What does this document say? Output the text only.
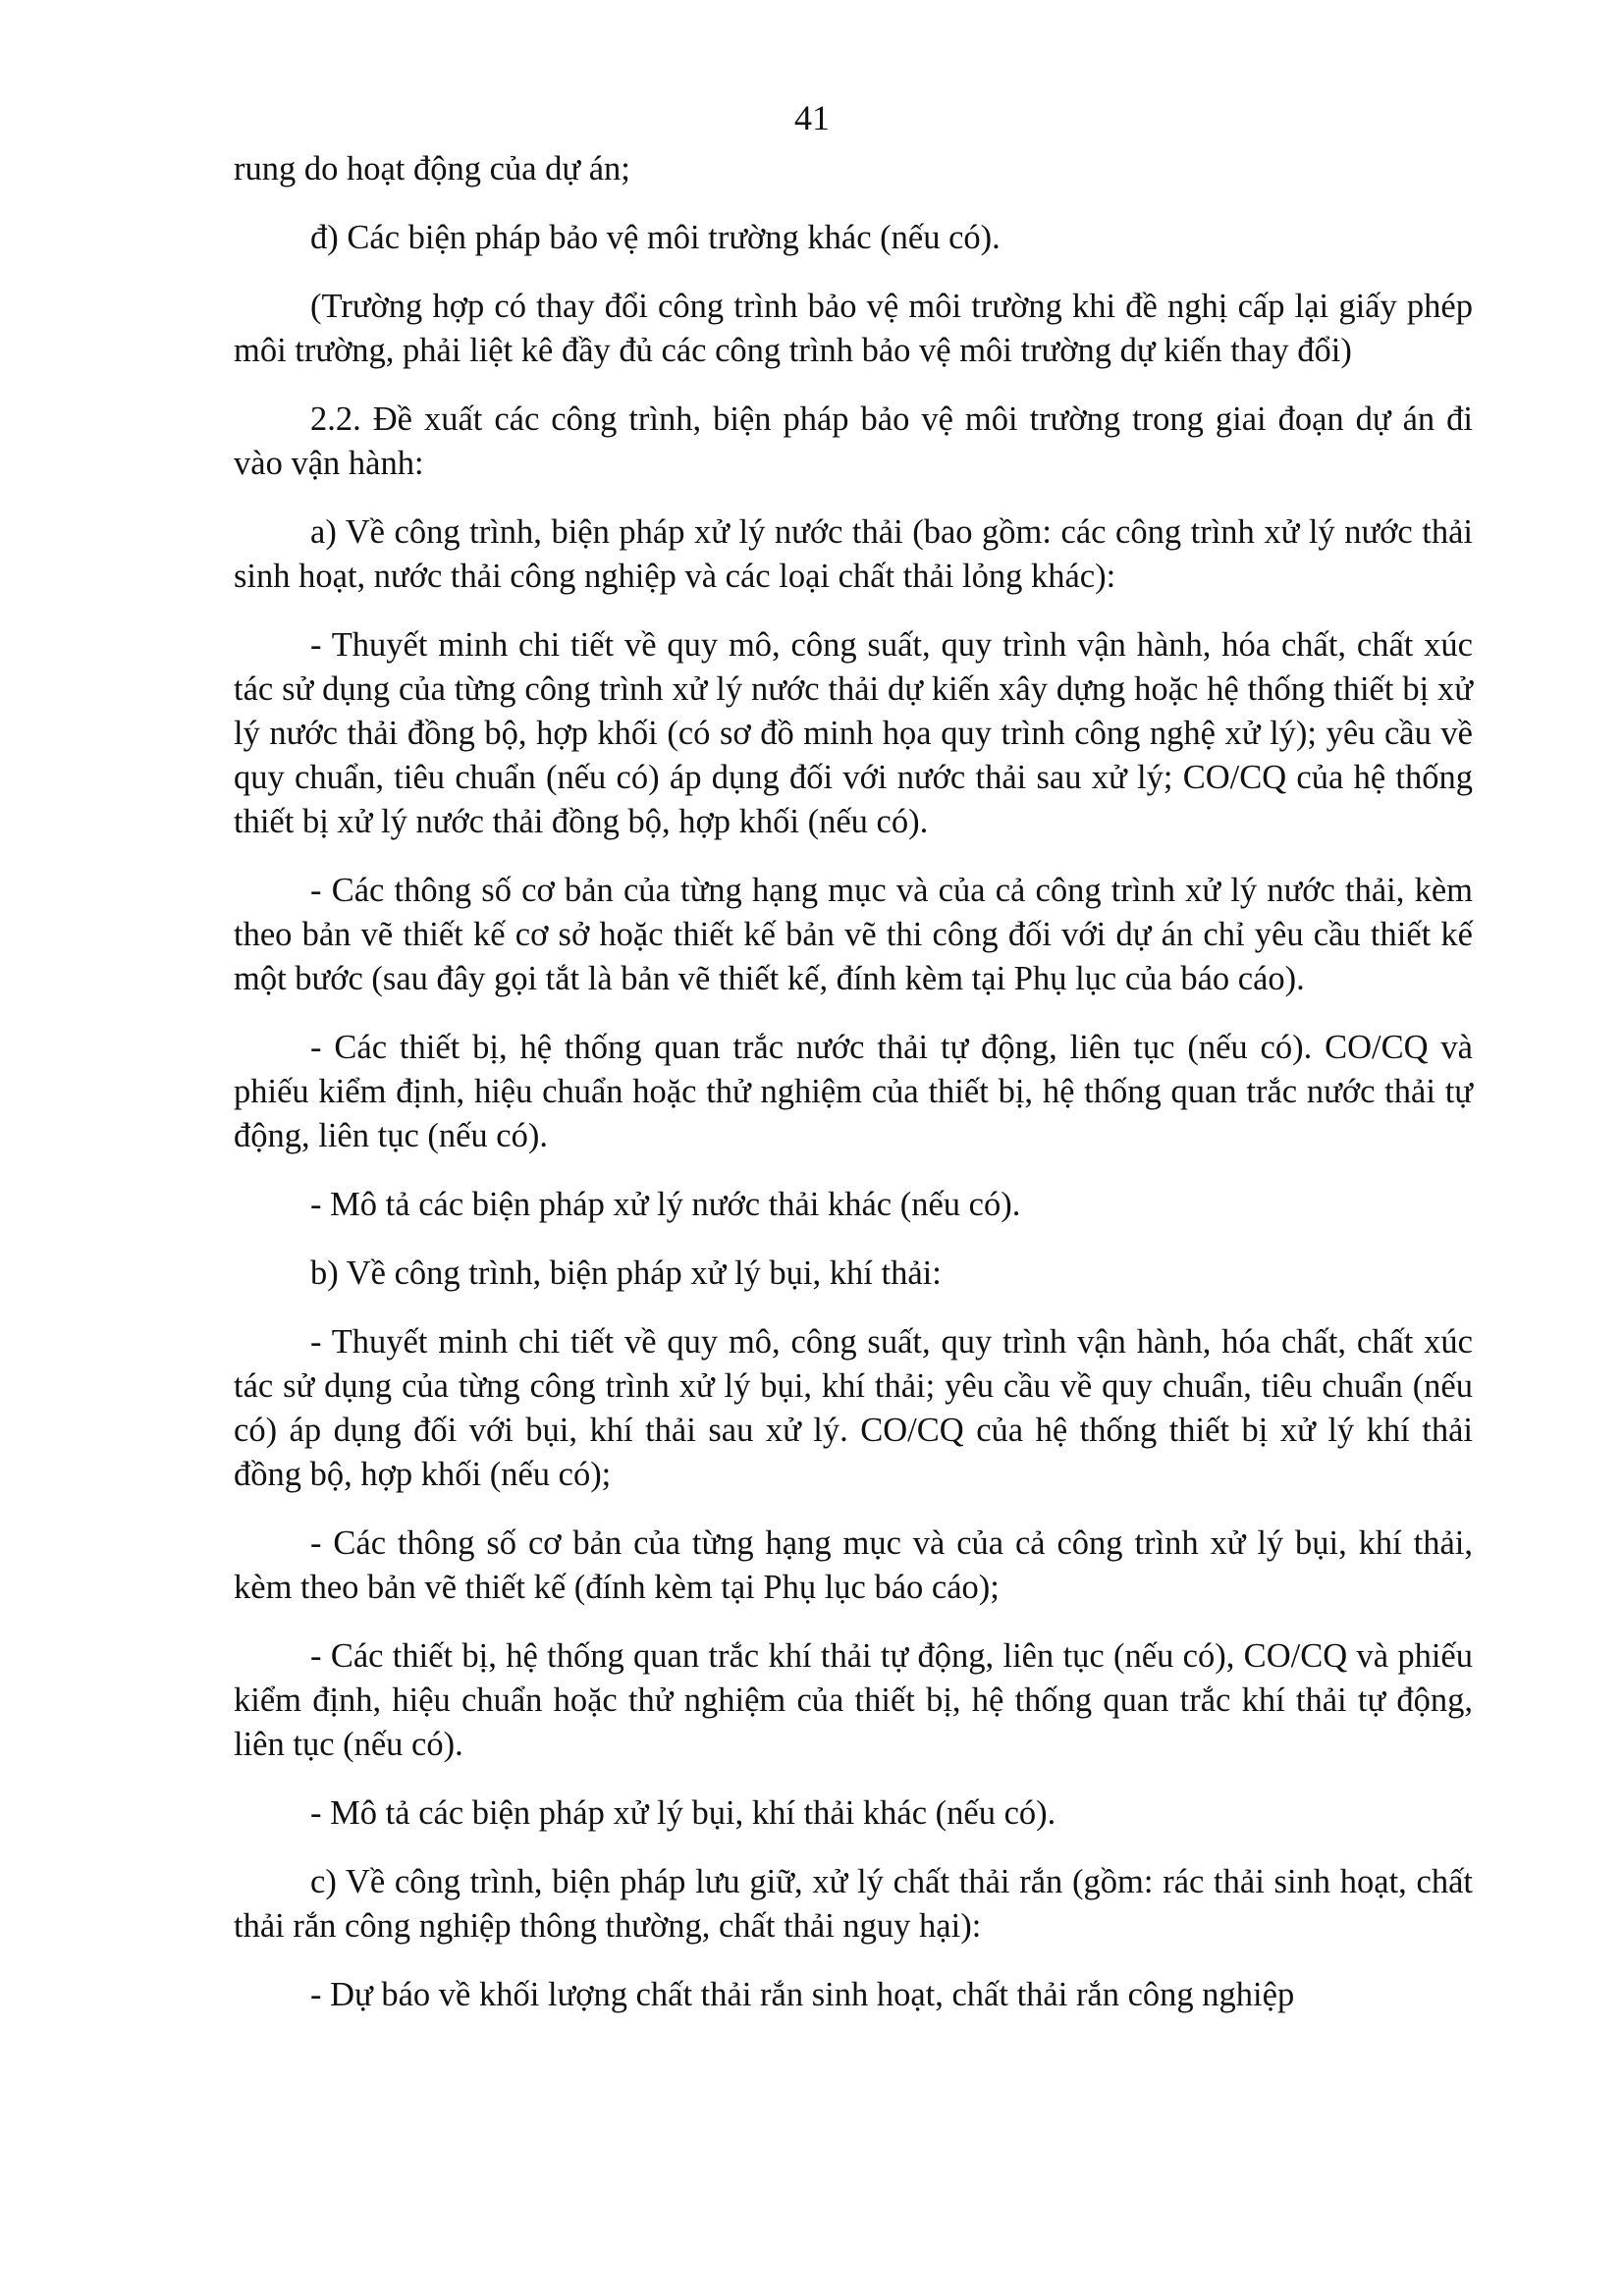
41

rung do hoạt động của dự án;

đ) Các biện pháp bảo vệ môi trường khác (nếu có).

(Trường hợp có thay đổi công trình bảo vệ môi trường khi đề nghị cấp lại giấy phép môi trường, phải liệt kê đầy đủ các công trình bảo vệ môi trường dự kiến thay đổi)

2.2. Đề xuất các công trình, biện pháp bảo vệ môi trường trong giai đoạn dự án đi vào vận hành:

a) Về công trình, biện pháp xử lý nước thải (bao gồm: các công trình xử lý nước thải sinh hoạt, nước thải công nghiệp và các loại chất thải lỏng khác):

- Thuyết minh chi tiết về quy mô, công suất, quy trình vận hành, hóa chất, chất xúc tác sử dụng của từng công trình xử lý nước thải dự kiến xây dựng hoặc hệ thống thiết bị xử lý nước thải đồng bộ, hợp khối (có sơ đồ minh họa quy trình công nghệ xử lý); yêu cầu về quy chuẩn, tiêu chuẩn (nếu có) áp dụng đối với nước thải sau xử lý; CO/CQ của hệ thống thiết bị xử lý nước thải đồng bộ, hợp khối (nếu có).

- Các thông số cơ bản của từng hạng mục và của cả công trình xử lý nước thải, kèm theo bản vẽ thiết kế cơ sở hoặc thiết kế bản vẽ thi công đối với dự án chỉ yêu cầu thiết kế một bước (sau đây gọi tắt là bản vẽ thiết kế, đính kèm tại Phụ lục của báo cáo).

- Các thiết bị, hệ thống quan trắc nước thải tự động, liên tục (nếu có). CO/CQ và phiếu kiểm định, hiệu chuẩn hoặc thử nghiệm của thiết bị, hệ thống quan trắc nước thải tự động, liên tục (nếu có).

- Mô tả các biện pháp xử lý nước thải khác (nếu có).

b) Về công trình, biện pháp xử lý bụi, khí thải:

- Thuyết minh chi tiết về quy mô, công suất, quy trình vận hành, hóa chất, chất xúc tác sử dụng của từng công trình xử lý bụi, khí thải; yêu cầu về quy chuẩn, tiêu chuẩn (nếu có) áp dụng đối với bụi, khí thải sau xử lý. CO/CQ của hệ thống thiết bị xử lý khí thải đồng bộ, hợp khối (nếu có);

- Các thông số cơ bản của từng hạng mục và của cả công trình xử lý bụi, khí thải, kèm theo bản vẽ thiết kế (đính kèm tại Phụ lục báo cáo);

- Các thiết bị, hệ thống quan trắc khí thải tự động, liên tục (nếu có), CO/CQ và phiếu kiểm định, hiệu chuẩn hoặc thử nghiệm của thiết bị, hệ thống quan trắc khí thải tự động, liên tục (nếu có).

- Mô tả các biện pháp xử lý bụi, khí thải khác (nếu có).

c) Về công trình, biện pháp lưu giữ, xử lý chất thải rắn (gồm: rác thải sinh hoạt, chất thải rắn công nghiệp thông thường, chất thải nguy hại):

- Dự báo về khối lượng chất thải rắn sinh hoạt, chất thải rắn công nghiệp
